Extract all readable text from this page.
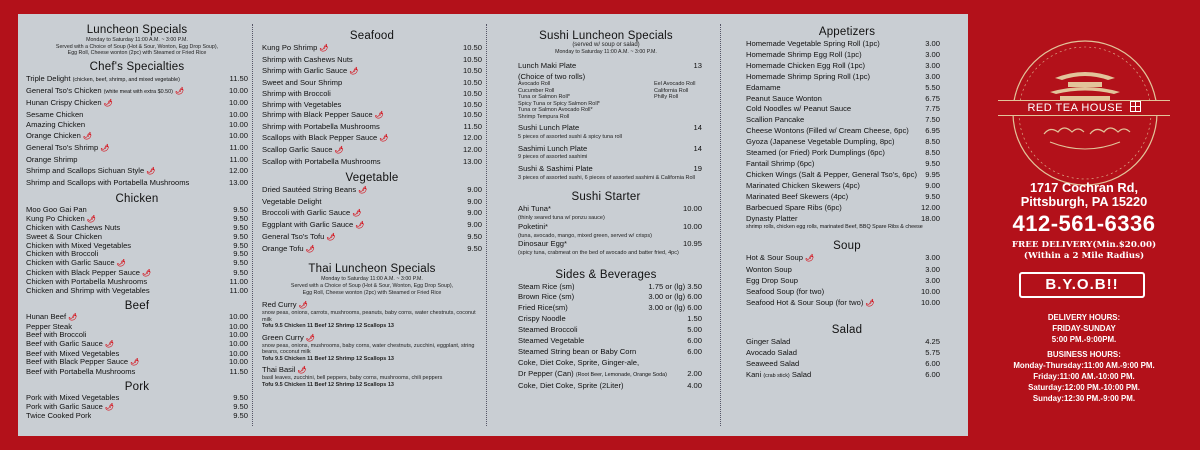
Luncheon Specials
Monday to Saturday 11:00 A.M. ~ 3:00 P.M.
Served with a Choice of Soup (Hot & Sour, Wonton, Egg Drop Soup),
Egg Roll, Cheese wonton (2pc) with Steamed or Fried Rice
Chef's Specialties
Triple Delight (chicken, beef, shrimp, and mixed vegetable)	11.50
General Tso's Chicken (white meat with extra $0.50) 🌶	10.00
Hunan Crispy Chicken 🌶	10.00
Sesame Chicken	10.00
Amazing Chicken	10.00
Orange Chicken 🌶	10.00
General Tso's Shrimp 🌶	11.00
Orange Shrimp	11.00
Shrimp and Scallops Sichuan Style 🌶	12.00
Shrimp and Scallops with Portabella Mushrooms	13.00
Chicken
Moo Goo Gai Pan	9.50
Kung Po Chicken 🌶	9.50
Chicken with Cashews Nuts	9.50
Sweet & Sour Chicken	9.50
Chicken with Mixed Vegetables	9.50
Chicken with Broccoli	9.50
Chicken with Garlic Sauce 🌶	9.50
Chicken with Black Pepper Sauce 🌶	9.50
Chicken with Portabella Mushrooms	11.00
Chicken and Shrimp with Vegetables	11.00
Beef
Hunan Beef 🌶	10.00
Pepper Steak	10.00
Beef with Broccoli	10.00
Beef with Garlic Sauce 🌶	10.00
Beef with Mixed Vegetables	10.00
Beef with Black Pepper Sauce 🌶	10.00
Beef with Portabella Mushrooms	11.50
Pork
Pork with Mixed Vegetables	9.50
Pork with Garlic Sauce 🌶	9.50
Twice Cooked Pork	9.50
Seafood
Kung Po Shrimp 🌶	10.50
Shrimp with Cashews Nuts	10.50
Shrimp with Garlic Sauce 🌶	10.50
Sweet and Sour Shrimp	10.50
Shrimp with Broccoli	10.50
Shrimp with Vegetables	10.50
Shrimp with Black Pepper Sauce 🌶	10.50
Shrimp with Portabella Mushrooms	11.50
Scallops with Black Pepper Sauce 🌶	12.00
Scallop Garlic Sauce 🌶	12.00
Scallop with Portabella Mushrooms	13.00
Vegetable
Dried Sautéed String Beans 🌶	9.00
Vegetable Delight	9.00
Broccoli with Garlic Sauce 🌶	9.00
Eggplant with Garlic Sauce 🌶	9.00
General Tso's Tofu 🌶	9.50
Orange Tofu 🌶	9.50
Thai Luncheon Specials
Monday to Saturday 11:00 A.M. ~ 3:00 P.M.
Served with a Choice of Soup (Hot & Sour, Wonton, Egg Drop Soup),
Egg Roll, Cheese wonton (2pc) with Steamed or Fried Rice
Red Curry 🌶
snow peas, onions, carrots, mushrooms, peanuts, baby corns, water chestnuts, coconut milk
Tofu 9.5 Chicken 11 Beef 12 Shrimp 12 Scallops 13
Green Curry 🌶
snow peas, onions, mushrooms, baby corns, water chestnuts, zucchini, eggplant, string beans, coconut milk
Tofu 9.5 Chicken 11 Beef 12 Shrimp 12 Scallops 13
Thai Basil 🌶
basil leaves, zucchini, bell peppers, baby corns, mushrooms, chili peppers
Tofu 9.5 Chicken 11 Beef 12 Shrimp 12 Scallops 13
Sushi Luncheon Specials
(served w/ soup or salad)
Monday to Saturday 11:00 A.M. ~ 3:00 P.M.
Lunch Maki Plate	13
(Choice of two rolls)
Avocado Roll
Cucumber Roll
Tuna or Salmon Roll*
Spicy Tuna or Spicy Salmon Roll*
Tuna or Salmon Avocado Roll*
Shrimp Tempura Roll
Eel Avocado Roll
California Roll
Philly Roll
Sushi Lunch Plate	14
5 pieces of assorted sushi & spicy tuna roll
Sashimi Lunch Plate	14
9 pieces of assorted sashimi
Sushi & Sashimi Plate	19
3 pieces of assorted sushi, 6 pieces of assorted sashimi & California Roll
Sushi Starter
Ahi Tuna*	10.00
(thinly seared tuna w/ ponzu sauce)
Poketini*	10.00
(tuna, avocado, mango, mixed green, served w/ crisps)
Dinosaur Egg*	10.95
(spicy tuna, crabmeat on the bed of avocado and batter fried, 4pc)
Sides & Beverages
Steam Rice (sm)	1.75 or (lg) 3.50
Brown Rice (sm)	3.00 or (lg) 6.00
Fried Rice(sm)	3.00 or (lg) 6.00
Crispy Noodle	1.50
Steamed Broccoli	5.00
Steamed Vegetable	6.00
Steamed String bean or Baby Corn	6.00
Coke, Diet Coke, Sprite, Ginger-ale,
Dr Pepper (Can) (Root Beer, Lemonade, Orange Soda)	2.00
Coke, Diet Coke, Sprite (2Liter)	4.00
Appetizers
Homemade Vegetable Spring Roll (1pc)	3.00
Homemade Shrimp Egg Roll (1pc)	3.00
Homemade Chicken Egg Roll (1pc)	3.00
Homemade Shrimp Spring Roll (1pc)	3.00
Edamame	5.50
Peanut Sauce Wonton	6.75
Cold Noodles w/ Peanut Sauce	7.75
Scallion Pancake	7.50
Cheese Wontons (Filled w/ Cream Cheese, 6pc)	6.95
Gyoza (Japanese Vegetable Dumpling, 8pc)	8.50
Steamed (or Fried) Pork Dumplings (6pc)	8.50
Fantail Shrimp (6pc)	9.50
Chicken Wings (Salt & Pepper, General Tso's, 6pc)	9.95
Marinated Chicken Skewers (4pc)	9.00
Marinated Beef Skewers (4pc)	9.50
Barbecued Spare Ribs (6pc)	12.00
Dynasty Platter	18.00
shrimp rolls, chicken egg rolls, marinated Beef, BBQ Spare Ribs & cheese
Soup
Hot & Sour Soup 🌶	3.00
Wonton Soup	3.00
Egg Drop Soup	3.00
Seafood Soup (for two)	10.00
Seafood Hot & Sour Soup (for two) 🌶	10.00
Salad
Ginger Salad	4.25
Avocado Salad	5.75
Seaweed Salad	6.00
Kani (crab stick) Salad	6.00
RED TEA HOUSE
1717 Cochran Rd,
Pittsburgh, PA 15220
412-561-6336
FREE DELIVERY(Min.$20.00)
(Within a 2 Mile Radius)
B.Y.O.B!!
DELIVERY HOURS:
FRIDAY-SUNDAY
5:00 PM.-9:00PM.
BUSINESS HOURS:
Monday-Thursday:11:00 AM.-9:00 PM.
Friday:11:00 AM.-10:00 PM.
Saturday:12:00 PM.-10:00 PM.
Sunday:12:30 PM.-9:00 PM.
